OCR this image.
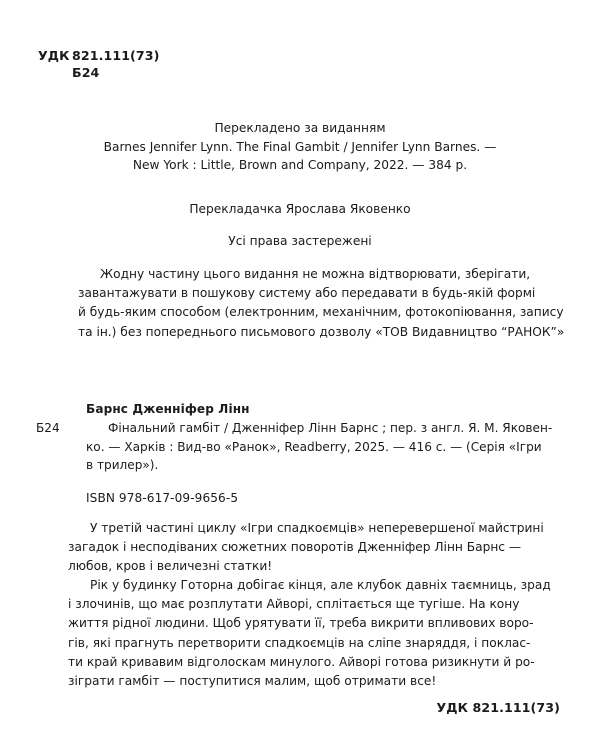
УДК 821.111(73)
Б24
Перекладено за виданням
Barnes Jennifer Lynn. The Final Gambit / Jennifer Lynn Barnes. —
New York : Little, Brown and Company, 2022. — 384 p.
Перекладачка Ярослава Яковенко
Усі права застережені
Жодну частину цього видання не можна відтворювати, зберігати,
завантажувати в пошукову систему або передавати в будь-якій формі
й будь-яким способом (електронним, механічним, фотокопіювання, запису
та ін.) без попереднього письмового дозволу «ТОВ Видавництво “РАНОК”»
Барнс Дженніфер Лінн
Б24	Фінальний гамбіт / Дженніфер Лінн Барнс ; пер. з англ. Я. М. Яковен-
ко. — Харків : Вид-во «Ранок», Readberry, 2025. — 416 с. — (Серія «Ігри
в трилер»).
ISBN 978-617-09-9656-5
У третій частині циклу «Ігри спадкоємців» неперевершеної майстрині
загадок і несподіваних сюжетних поворотів Дженніфер Лінн Барнс —
любов, кров і величезні статки!
Рік у будинку Готорна добігає кінця, але клубок давніх таємниць, зрад
і злочинів, що має розплутати Айворі, сплітається ще тугіше. На кону
життя рідної людини. Щоб урятувати її, треба викрити впливових воро-
гів, які прагнуть перетворити спадкоємців на сліпе знаряддя, і поклас-
ти край кривавим відголоскам минулого. Айворі готова ризикнути й ро-
зіграти гамбіт — поступитися малим, щоб отримати все!
УДК 821.111(73)
